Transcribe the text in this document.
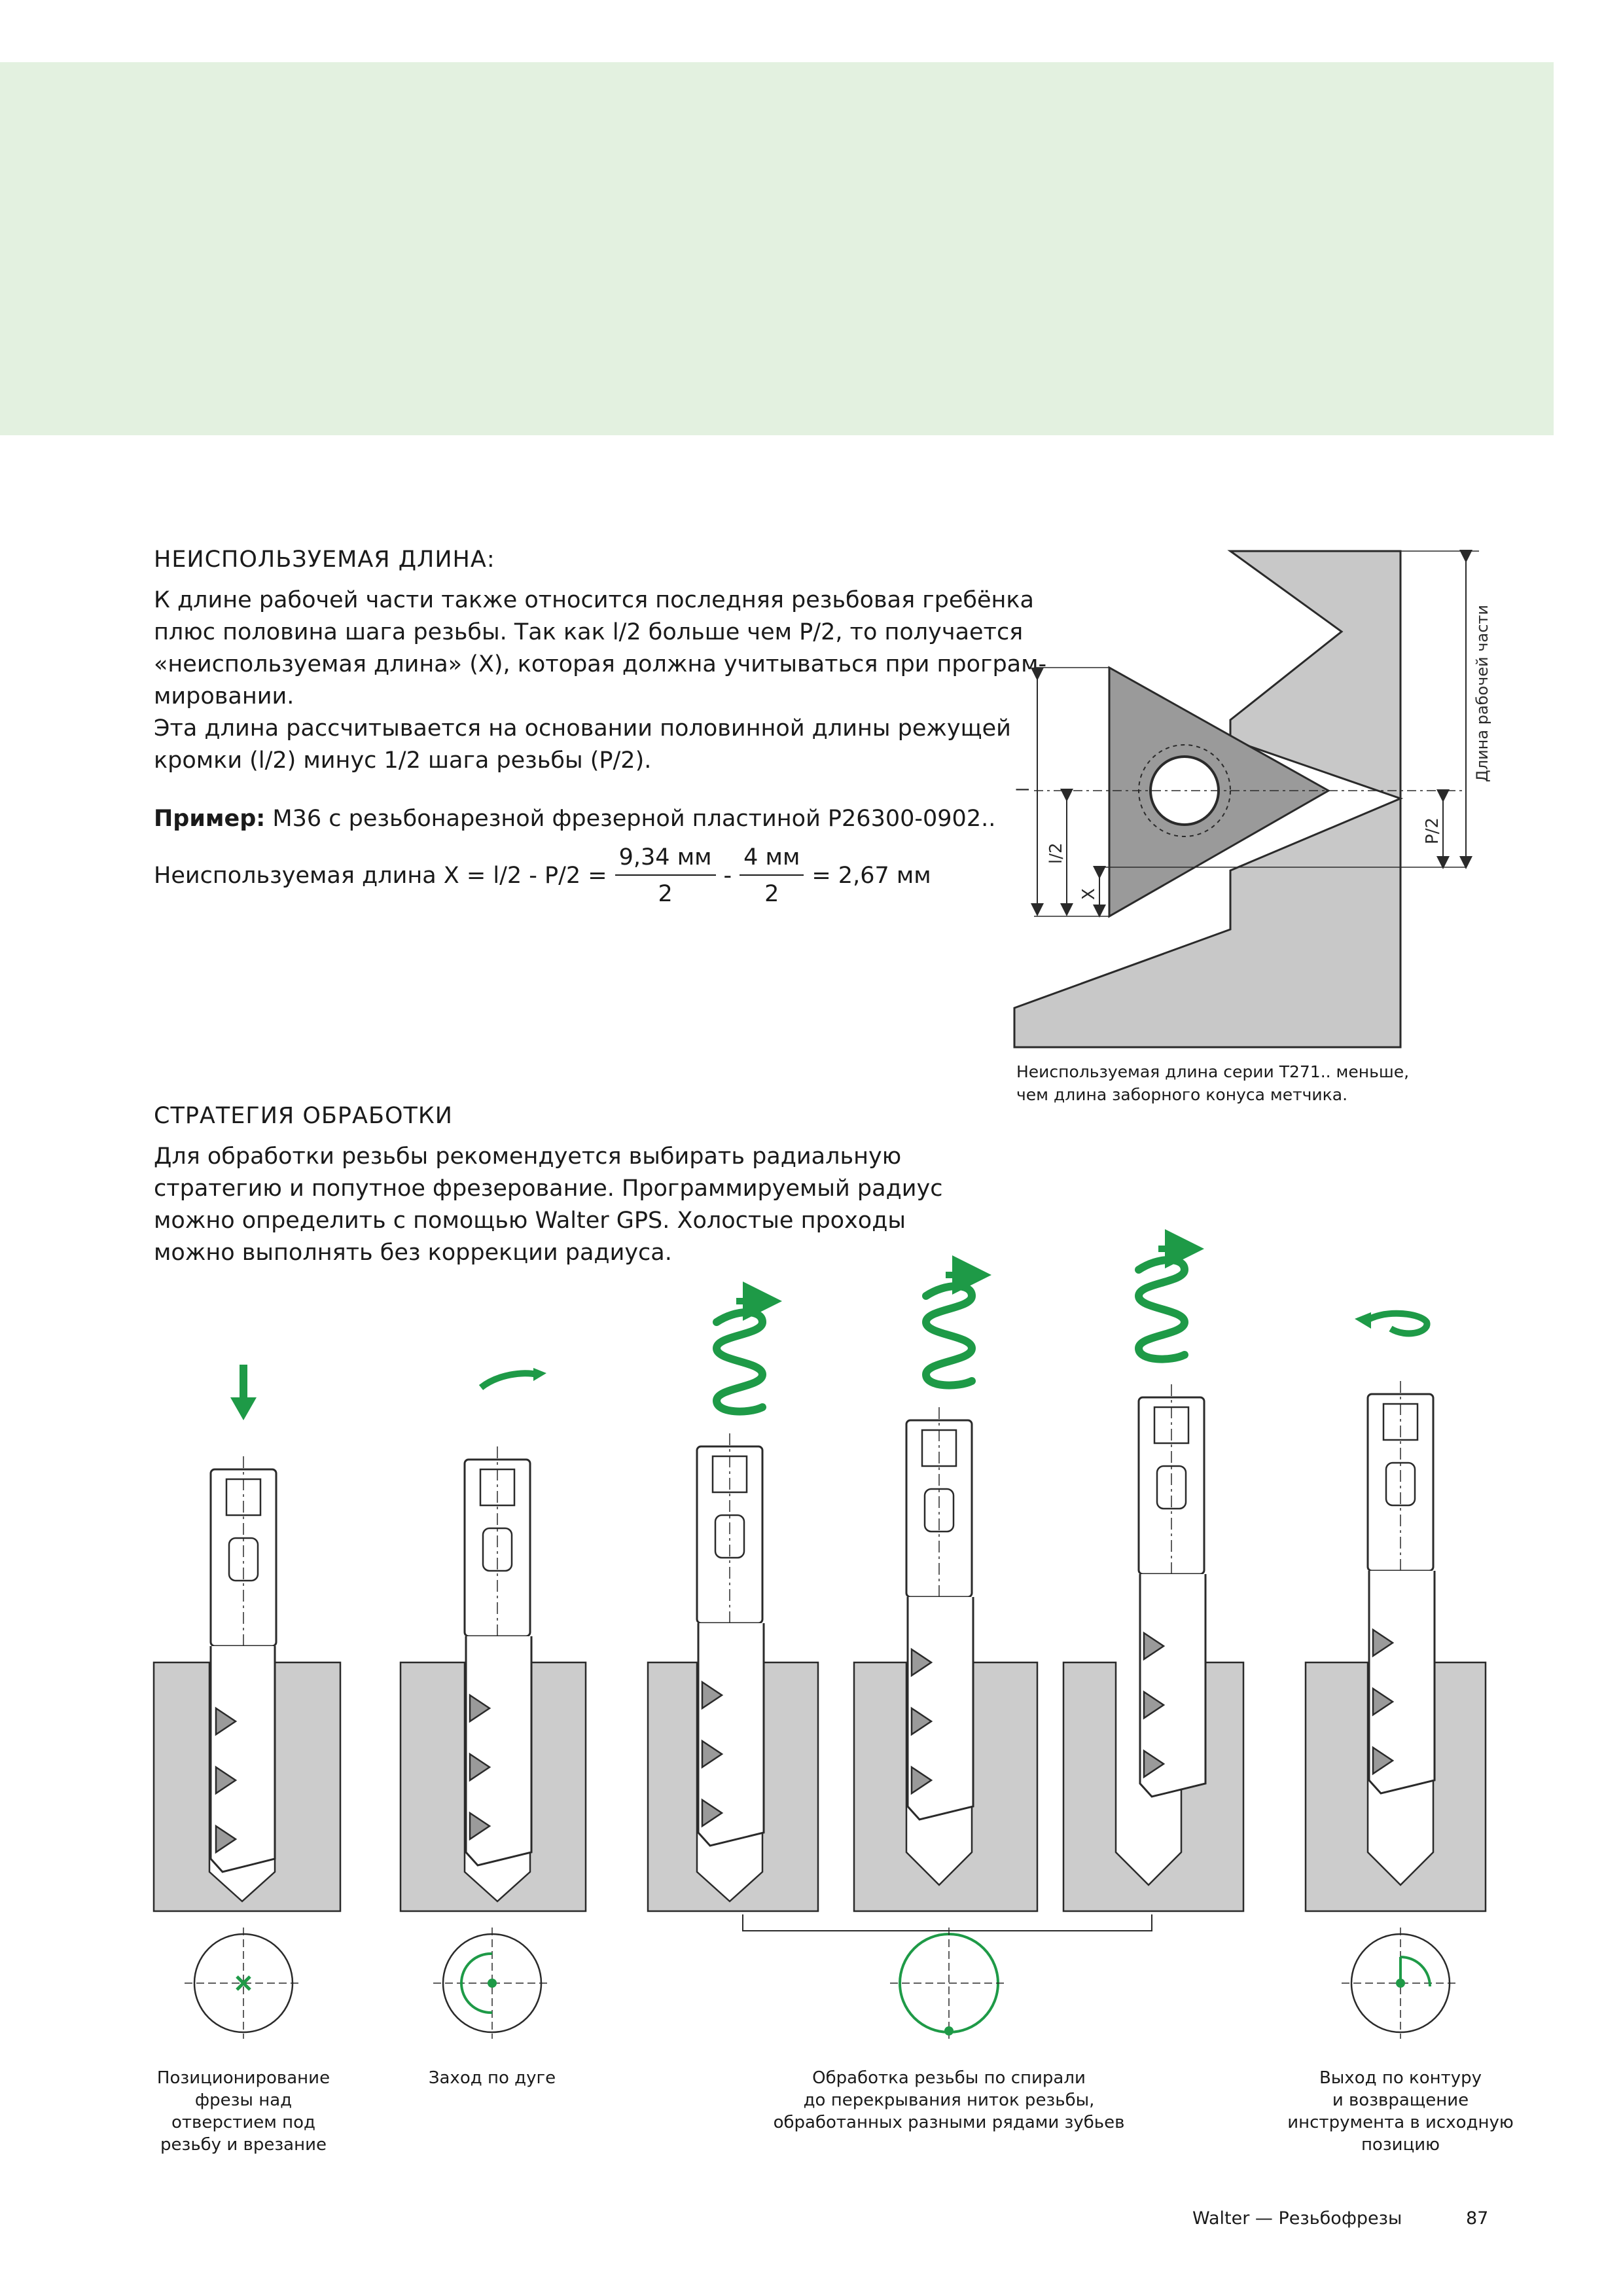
НЕИСПОЛЬЗУЕМАЯ ДЛИНА:

К длине рабочей части также относится последняя резьбовая гребёнка

плюс половина шага резьбы. Так как l/2 больше чем P/2, то получается

«неиспользуемая длина» (X), которая должна учитываться при програм-

мировании.

Эта длина рассчитывается на основании половинной длины режущей

кромки (l/2) минус 1/2 шага резьбы (P/2).

Пример: M36 с резьбонарезной фрезерной пластиной P26300-0902..
Неиспользуемая длина $X = l/2 - P/2 = \frac{9,34 мм}{2} - \frac{4 мм}{2} = 2,67$ мм
СТРАТЕГИЯ ОБРАБОТКИ

Для обработки резьбы рекомендуется выбирать радиальную

стратегию и попутное фрезерование. Программируемый радиус

можно определить с помощью Walter GPS. Холостые проходы

можно выполнять без коррекции радиуса.

Неиспользуемая длина серии T271.. меньше,
чем длина заборного конуса метчика.
l
l/2
X
P/2
Длина рабочей части
Позиционирование
фрезы над
отверстием под
резьбу и врезание
Заход по дуге	Обработка резьбы по спирали
до перекрывания ниток резьбы,
обработанных разными рядами зубьев
Выход по контуру
и возвращение
инструмента в исходную
позицию
Walter — Резьбофрезы	87
